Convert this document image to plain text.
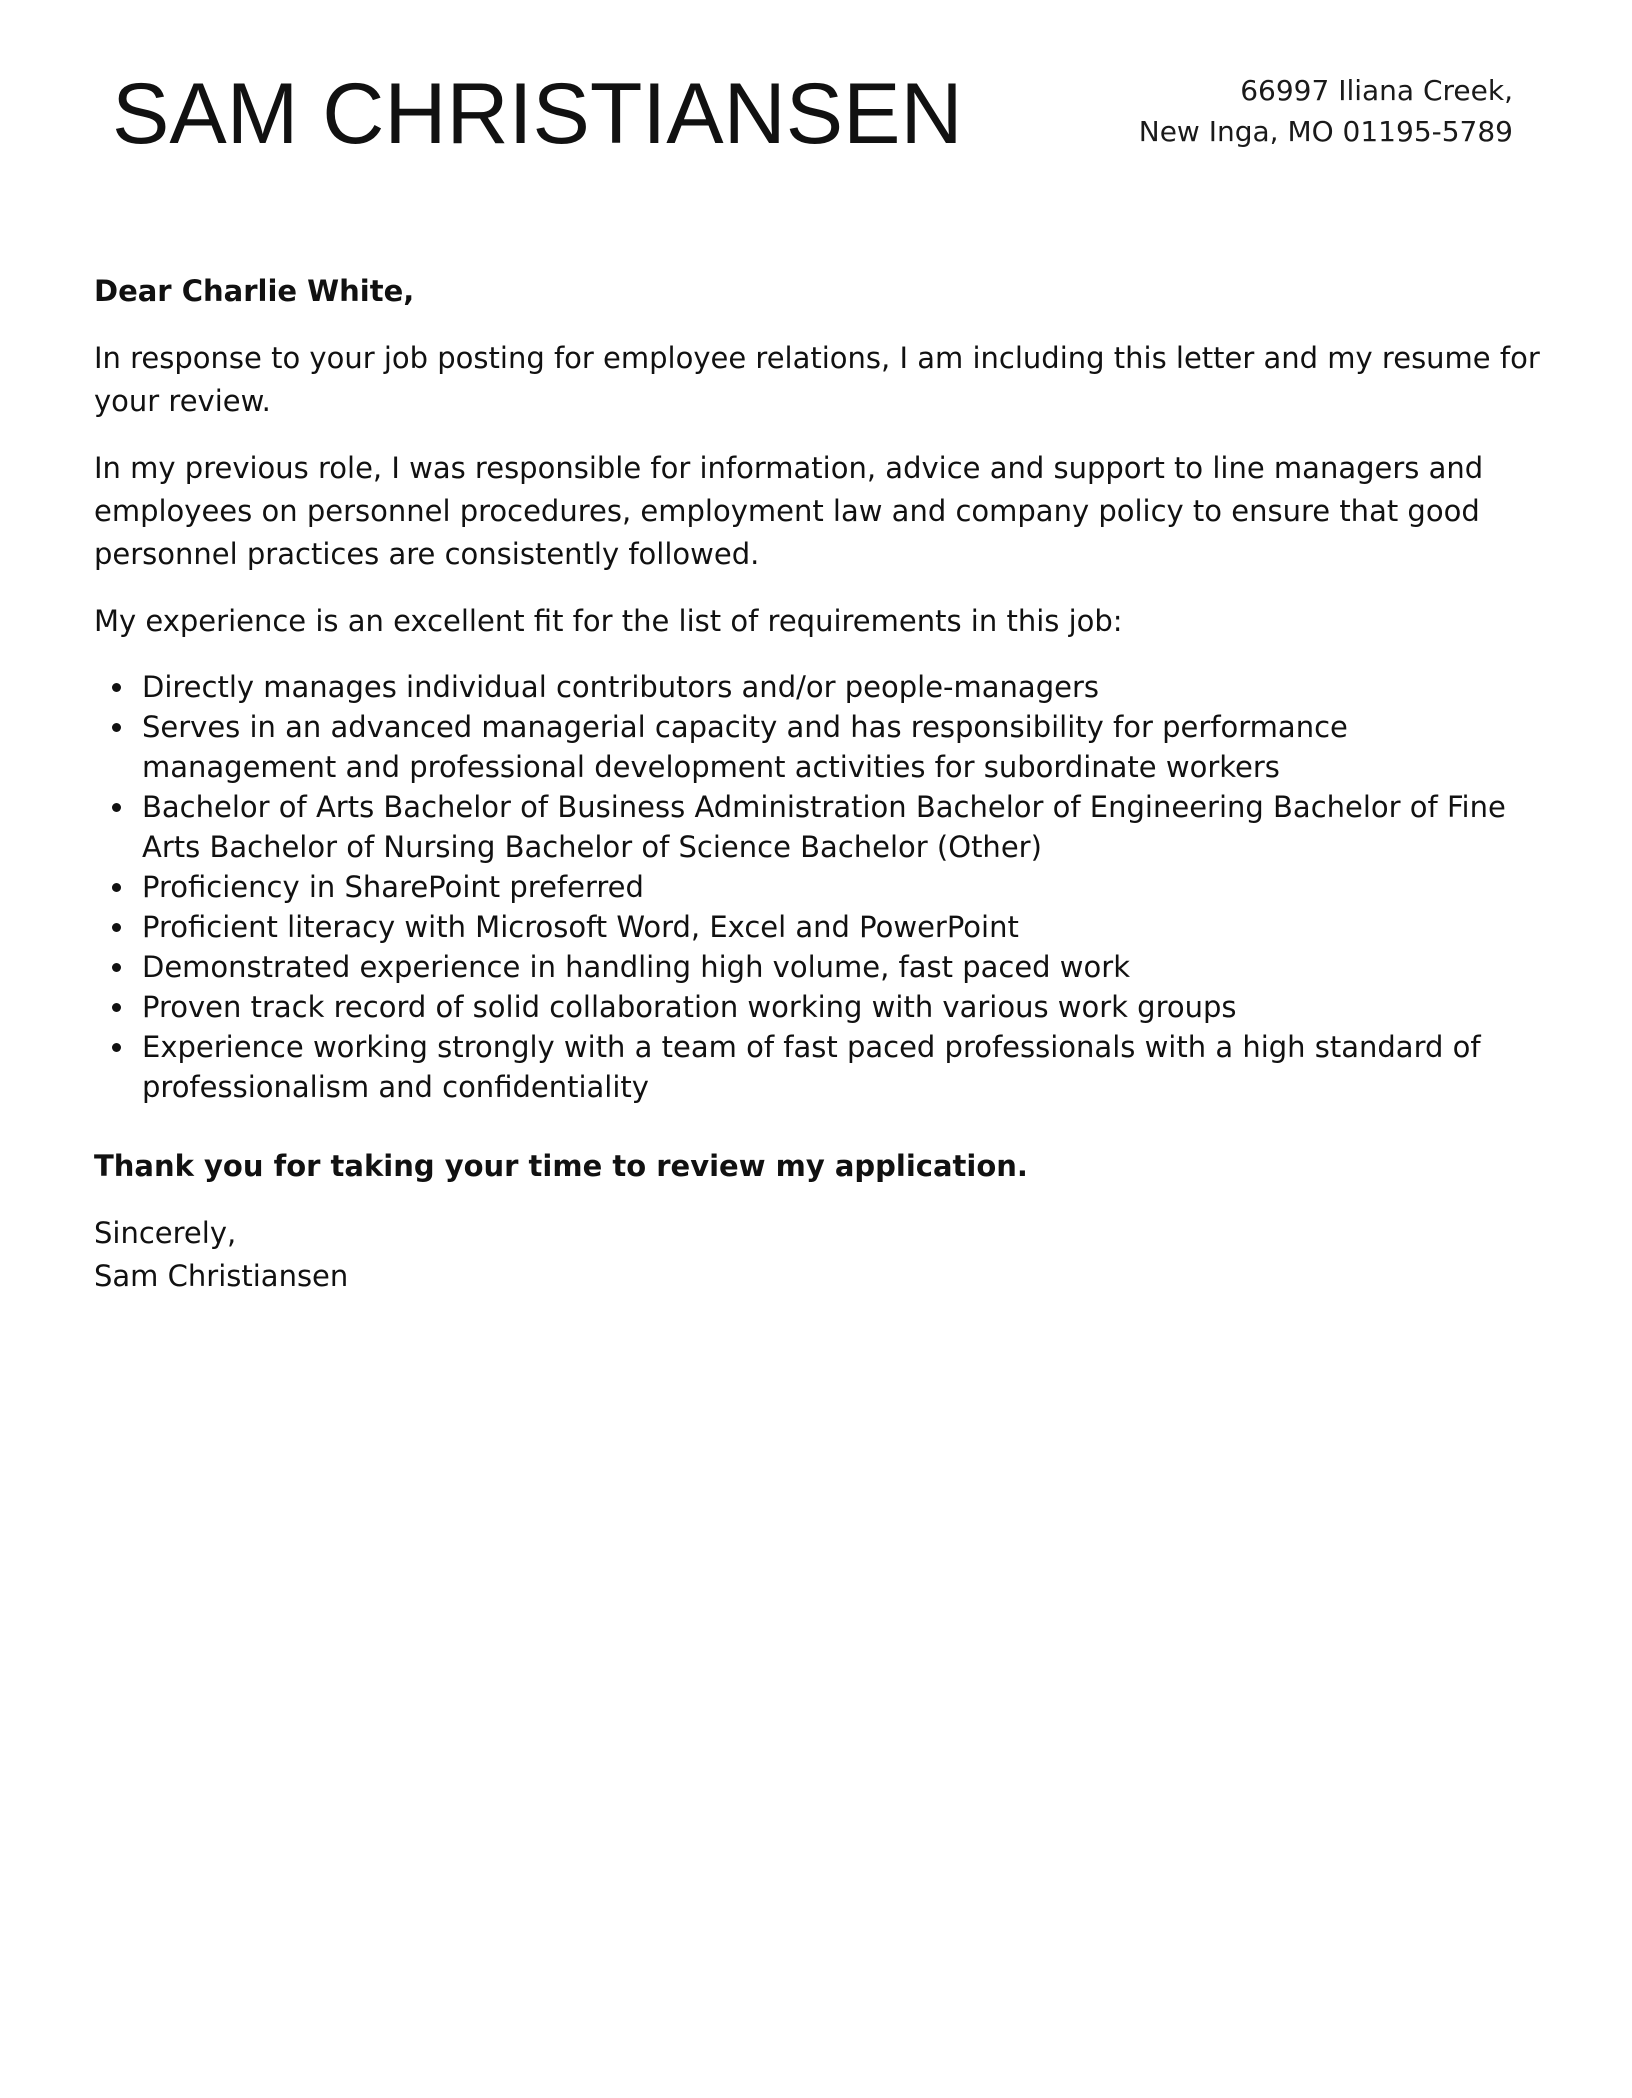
SAM CHRISTIANSEN	66997 Iliana Creek,
New Inga, MO 01195-5789

Dear Charlie White,

In response to your job posting for employee relations, I am including this letter and my resume for your review.

In my previous role, I was responsible for information, advice and support to line managers and employees on personnel procedures, employment law and company policy to ensure that good personnel practices are consistently followed.

My experience is an excellent fit for the list of requirements in this job:

Directly manages individual contributors and/or people-managers
Serves in an advanced managerial capacity and has responsibility for performance management and professional development activities for subordinate workers
Bachelor of Arts Bachelor of Business Administration Bachelor of Engineering Bachelor of Fine Arts Bachelor of Nursing Bachelor of Science Bachelor (Other)
Proficiency in SharePoint preferred
Proficient literacy with Microsoft Word, Excel and PowerPoint
Demonstrated experience in handling high volume, fast paced work
Proven track record of solid collaboration working with various work groups
Experience working strongly with a team of fast paced professionals with a high standard of professionalism and confidentiality

Thank you for taking your time to review my application.

Sincerely,
Sam Christiansen
